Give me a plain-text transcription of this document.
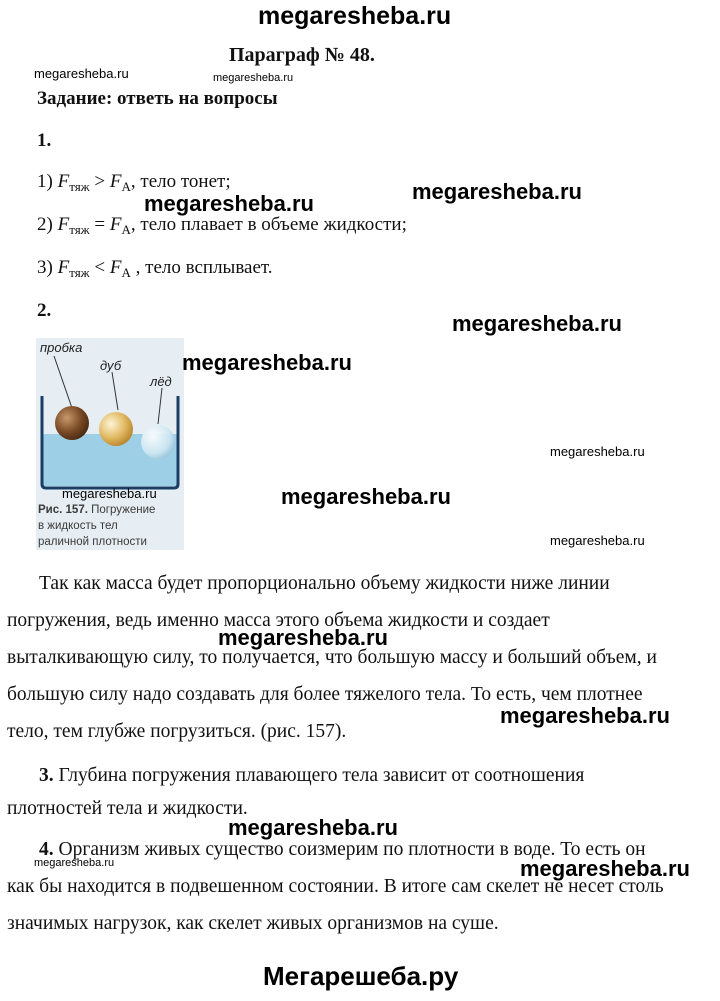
megaresheba.ru
Параграф № 48.
megaresheba.ru	megaresheba.ru
Задание: ответь на вопросы
1.
1) $F_{тяж} > F_A$, тело тонет;	megaresheba.ru
megaresheba.ru
2) $F_{тяж} = F_A$, тело плавает в объеме жидкости;
3) $F_{тяж} < F_A$ , тело всплывает.
2.
megaresheba.ru
пробка
дуб
лёд
Рис. 157. Погружение
в жидкость тел
раличной плотности
megaresheba.ru
megaresheba.ru
megaresheba.ru	megaresheba.ru
megaresheba.ru
Так как масса будет пропорционально объему жидкости ниже линии
погружения, ведь именно масса этого объема жидкости и создает
выталкивающую силу, то получается, что большую массу и больший объем, и
большую силу надо создавать для более тяжелого тела. То есть, чем плотнее
тело, тем глубже погрузиться. (рис. 157).
megaresheba.ru
megaresheba.ru
3. Глубина погружения плавающего тела зависит от соотношения
плотностей тела и жидкости.
megaresheba.ru
4. Организм живых существо соизмерим по плотности в воде. То есть он
как бы находится в подвешенном состоянии. В итоге сам скелет не несет столь
значимых нагрузок, как скелет живых организмов на суше.
megaresheba.ru	megaresheba.ru
Мегарешеба.ру
